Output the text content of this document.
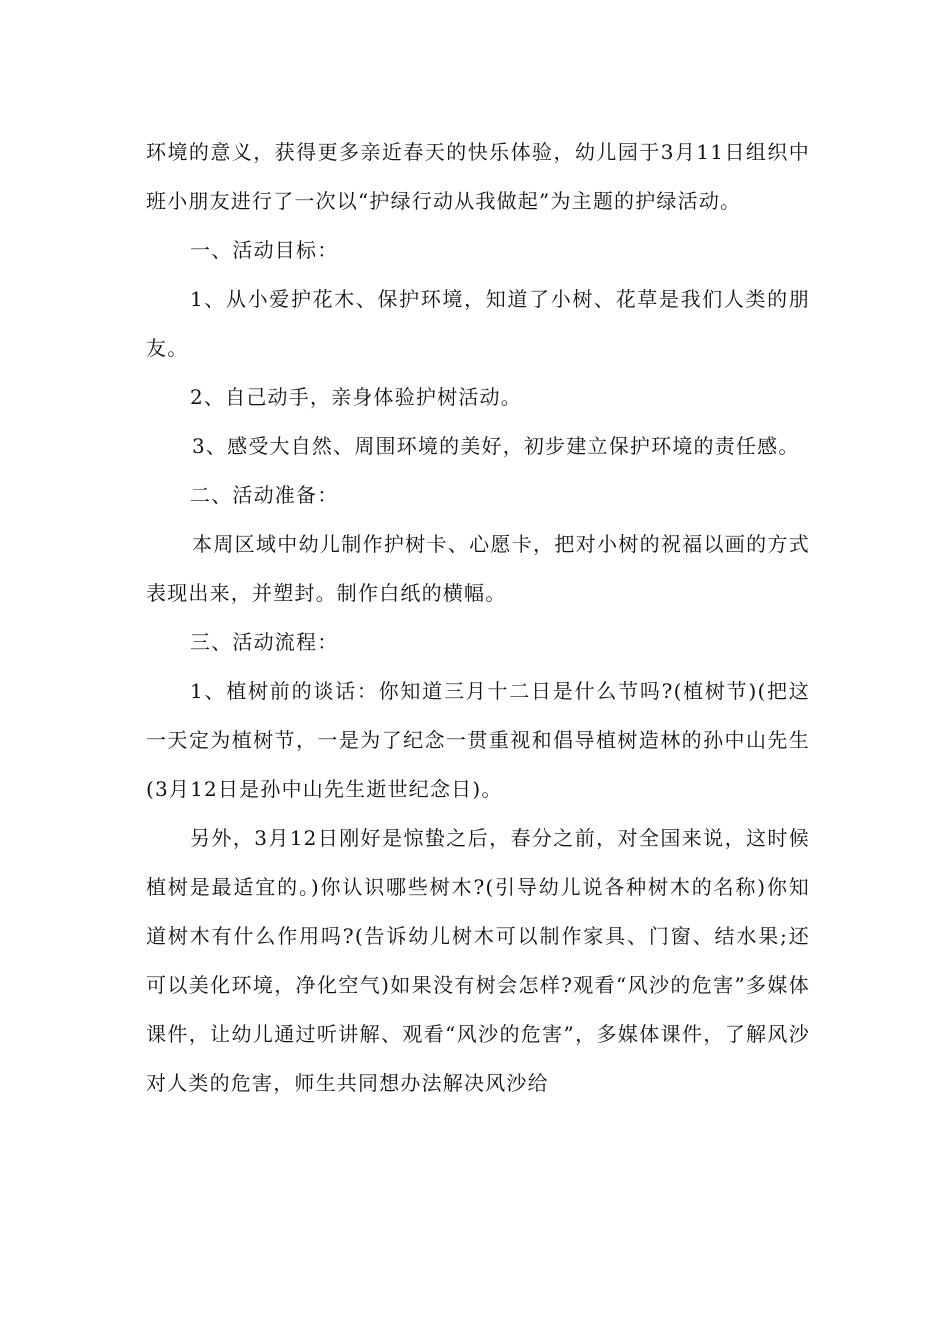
环境的意义，获得更多亲近春天的快乐体验，幼儿园于3月11日组织中班小朋友进行了一次以“护绿行动从我做起”为主题的护绿活动。

一、活动目标：

1、从小爱护花木、保护环境，知道了小树、花草是我们人类的朋友。

2、自己动手，亲身体验护树活动。

3、感受大自然、周围环境的美好，初步建立保护环境的责任感。

二、活动准备：

本周区域中幼儿制作护树卡、心愿卡，把对小树的祝福以画的方式表现出来，并塑封。制作白纸的横幅。

三、活动流程：

1、植树前的谈话：你知道三月十二日是什么节吗?(植树节)(把这一天定为植树节，一是为了纪念一贯重视和倡导植树造林的孙中山先生(3月12日是孙中山先生逝世纪念日)。

另外，3月12日刚好是惊蛰之后，春分之前，对全国来说，这时候植树是最适宜的。)你认识哪些树木?(引导幼儿说各种树木的名称)你知道树木有什么作用吗?(告诉幼儿树木可以制作家具、门窗、结水果;还可以美化环境，净化空气)如果没有树会怎样?观看“风沙的危害”多媒体课件，让幼儿通过听讲解、观看“风沙的危害”，多媒体课件，了解风沙对人类的危害，师生共同想办法解决风沙给
